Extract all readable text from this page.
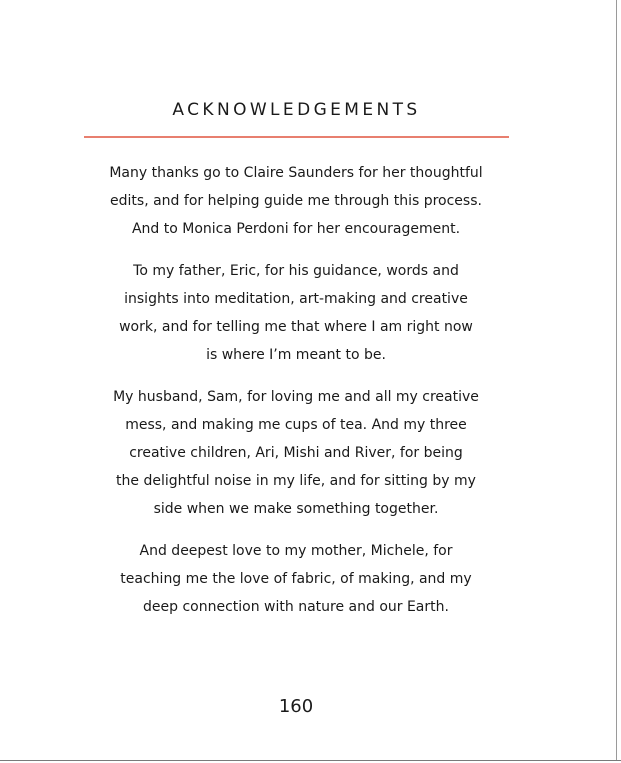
ACKNOWLEDGEMENTS

Many thanks go to Claire Saunders for her thoughtful
edits, and for helping guide me through this process.
And to Monica Perdoni for her encouragement.

To my father, Eric, for his guidance, words and
insights into meditation, art-making and creative
work, and for telling me that where I am right now
is where I’m meant to be.

My husband, Sam, for loving me and all my creative
mess, and making me cups of tea. And my three
creative children, Ari, Mishi and River, for being
the delightful noise in my life, and for sitting by my
side when we make something together.

And deepest love to my mother, Michele, for
teaching me the love of fabric, of making, and my
deep connection with nature and our Earth.

160
